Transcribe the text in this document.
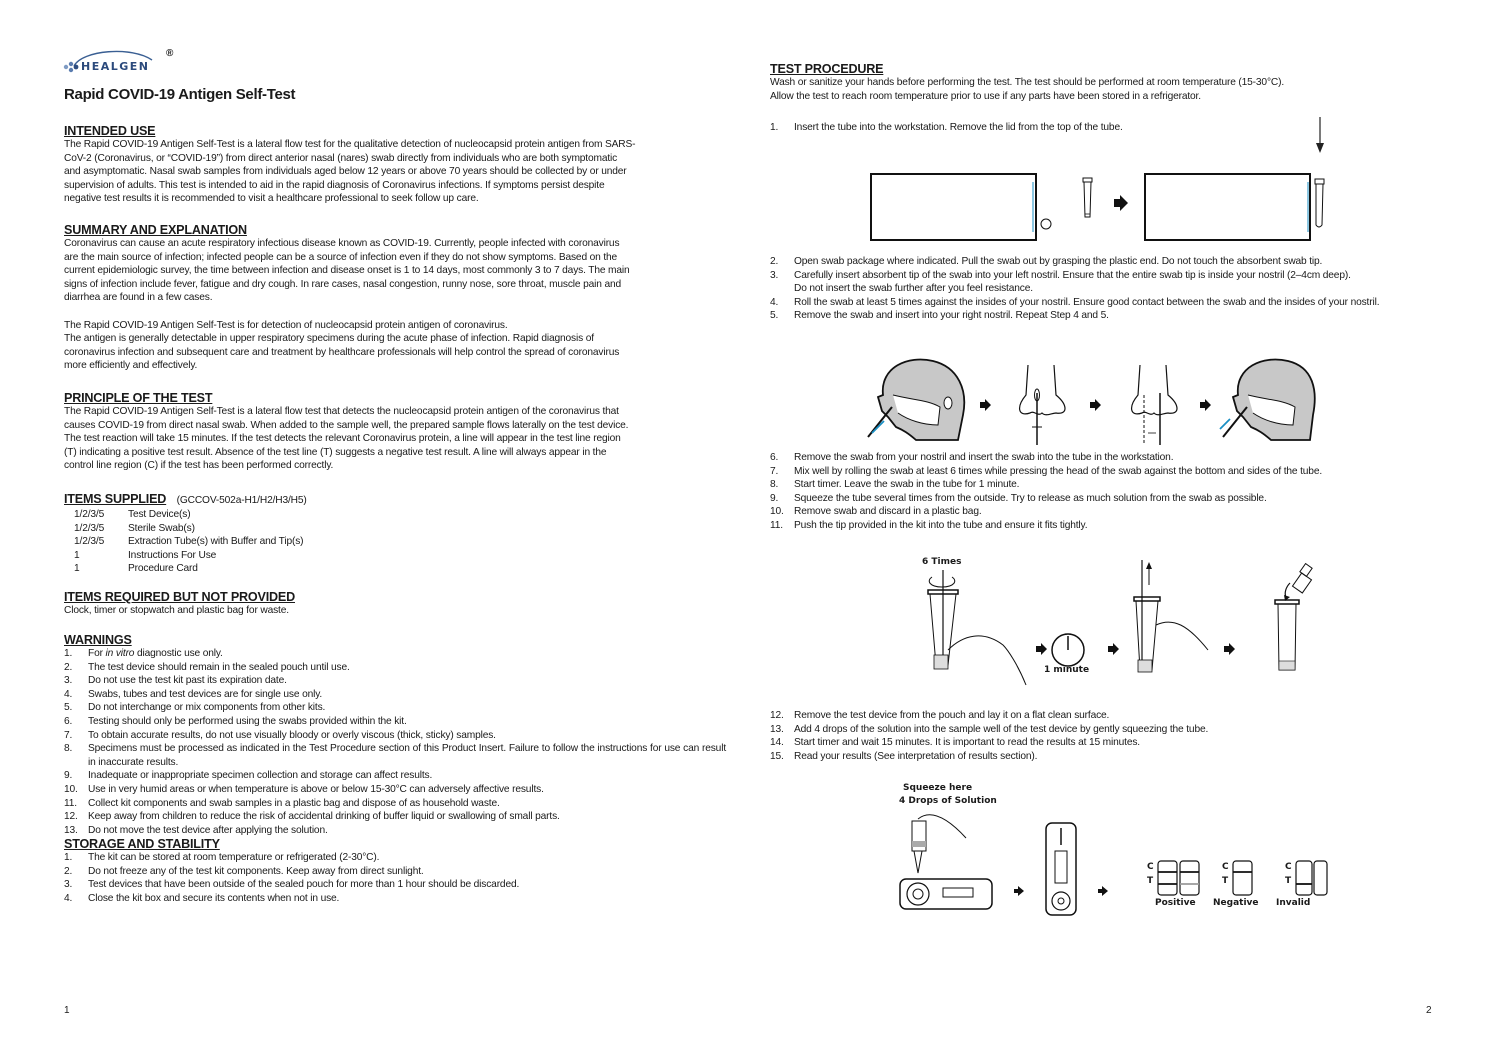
HEALGEN
®
Rapid COVID-19 Antigen Self-Test
INTENDED USE
The Rapid COVID-19 Antigen Self-Test is a lateral flow test for the qualitative detection of nucleocapsid protein antigen from SARS-
CoV-2 (Coronavirus, or “COVID-19”) from direct anterior nasal (nares) swab directly from individuals who are both symptomatic
and asymptomatic. Nasal swab samples from individuals aged below 12 years or above 70 years should be collected by or under
supervision of adults. This test is intended to aid in the rapid diagnosis of Coronavirus infections. If symptoms persist despite
negative test results it is recommended to visit a healthcare professional to seek follow up care.
SUMMARY AND EXPLANATION
Coronavirus can cause an acute respiratory infectious disease known as COVID-19. Currently, people infected with coronavirus
are the main source of infection; infected people can be a source of infection even if they do not show symptoms. Based on the
current epidemiologic survey, the time between infection and disease onset is 1 to 14 days, most commonly 3 to 7 days. The main
signs of infection include fever, fatigue and dry cough. In rare cases, nasal congestion, runny nose, sore throat, muscle pain and
diarrhea are found in a few cases.
The Rapid COVID-19 Antigen Self-Test is for detection of nucleocapsid protein antigen of coronavirus.
The antigen is generally detectable in upper respiratory specimens during the acute phase of infection. Rapid diagnosis of
coronavirus infection and subsequent care and treatment by healthcare professionals will help control the spread of coronavirus
more efficiently and effectively.
PRINCIPLE OF THE TEST
The Rapid COVID-19 Antigen Self-Test is a lateral flow test that detects the nucleocapsid protein antigen of the coronavirus that
causes COVID-19 from direct nasal swab. When added to the sample well, the prepared sample flows laterally on the test device.
The test reaction will take 15 minutes. If the test detects the relevant Coronavirus protein, a line will appear in the test line region
(T) indicating a positive test result. Absence of the test line (T) suggests a negative test result. A line will always appear in the
control line region (C) if the test has been performed correctly.
ITEMS SUPPLIED (GCCOV-502a-H1/H2/H3/H5)
1/2/3/5	Test Device(s)
1/2/3/5	Sterile Swab(s)
1/2/3/5	Extraction Tube(s) with Buffer and Tip(s)
1	Instructions For Use
1	Procedure Card
ITEMS REQUIRED BUT NOT PROVIDED
Clock, timer or stopwatch and plastic bag for waste.
WARNINGS
1. For in vitro diagnostic use only.
2. The test device should remain in the sealed pouch until use.
3. Do not use the test kit past its expiration date.
4. Swabs, tubes and test devices are for single use only.
5. Do not interchange or mix components from other kits.
6. Testing should only be performed using the swabs provided within the kit.
7. To obtain accurate results, do not use visually bloody or overly viscous (thick, sticky) samples.
8. Specimens must be processed as indicated in the Test Procedure section of this Product Insert. Failure to follow the instructions for use can result in inaccurate results.
9. Inadequate or inappropriate specimen collection and storage can affect results.
10. Use in very humid areas or when temperature is above or below 15-30°C can adversely affective results.
11. Collect kit components and swab samples in a plastic bag and dispose of as household waste.
12. Keep away from children to reduce the risk of accidental drinking of buffer liquid or swallowing of small parts.
13. Do not move the test device after applying the solution.
STORAGE AND STABILITY
1. The kit can be stored at room temperature or refrigerated (2-30°C).
2. Do not freeze any of the test kit components. Keep away from direct sunlight.
3. Test devices that have been outside of the sealed pouch for more than 1 hour should be discarded.
4. Close the kit box and secure its contents when not in use.
1
TEST PROCEDURE
Wash or sanitize your hands before performing the test. The test should be performed at room temperature (15-30°C).
Allow the test to reach room temperature prior to use if any parts have been stored in a refrigerator.
1. Insert the tube into the workstation. Remove the lid from the top of the tube.
2. Open swab package where indicated. Pull the swab out by grasping the plastic end. Do not touch the absorbent swab tip.
3. Carefully insert absorbent tip of the swab into your left nostril. Ensure that the entire swab tip is inside your nostril (2–4cm deep). Do not insert the swab further after you feel resistance.
4. Roll the swab at least 5 times against the insides of your nostril. Ensure good contact between the swab and the insides of your nostril.
5. Remove the swab and insert into your right nostril. Repeat Step 4 and 5.
6. Remove the swab from your nostril and insert the swab into the tube in the workstation.
7. Mix well by rolling the swab at least 6 times while pressing the head of the swab against the bottom and sides of the tube.
8. Start timer. Leave the swab in the tube for 1 minute.
9. Squeeze the tube several times from the outside. Try to release as much solution from the swab as possible.
10. Remove swab and discard in a plastic bag.
11. Push the tip provided in the kit into the tube and ensure it fits tightly.
6 Times
1 minute
12. Remove the test device from the pouch and lay it on a flat clean surface.
13. Add 4 drops of the solution into the sample well of the test device by gently squeezing the tube.
14. Start timer and wait 15 minutes. It is important to read the results at 15 minutes.
15. Read your results (See interpretation of results section).
Squeeze here
4 Drops of Solution
C
T
C
T
C
T
Positive Negative Invalid
2
